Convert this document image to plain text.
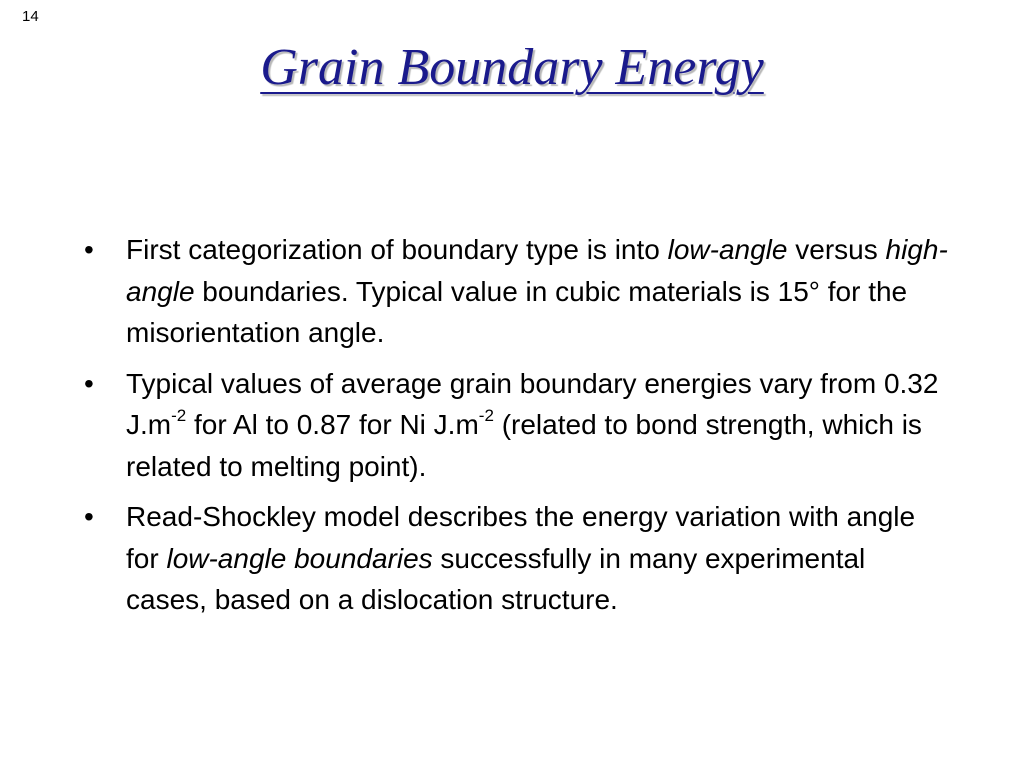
14
Grain Boundary Energy
• First categorization of boundary type is into low-angle versus high-angle boundaries. Typical value in cubic materials is 15° for the misorientation angle.
• Typical values of average grain boundary energies vary from 0.32 $J.m^{-2}$ for Al to 0.87 for Ni $J.m^{-2}$ (related to bond strength, which is related to melting point).
• Read-Shockley model describes the energy variation with angle for low-angle boundaries successfully in many experimental cases, based on a dislocation structure.
